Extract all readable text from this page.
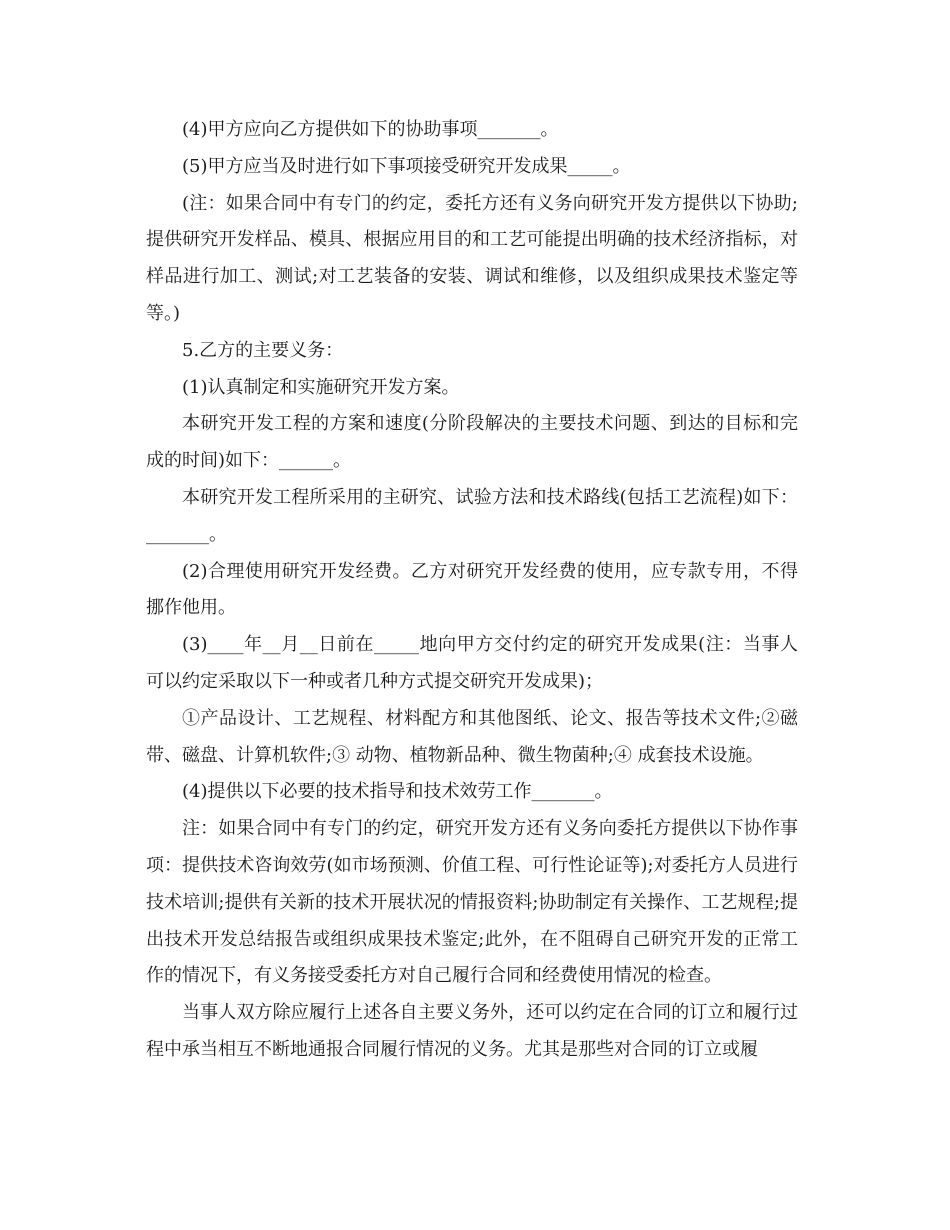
(4)甲方应向乙方提供如下的协助事项_______。

(5)甲方应当及时进行如下事项接受研究开发成果_____。

(注：如果合同中有专门的约定，委托方还有义务向研究开发方提供以下协助;提供研究开发样品、模具、根据应用目的和工艺可能提出明确的技术经济指标，对样品进行加工、测试;对工艺装备的安装、调试和维修，以及组织成果技术鉴定等等。)

5.乙方的主要义务：

(1)认真制定和实施研究开发方案。

本研究开发工程的方案和速度(分阶段解决的主要技术问题、到达的目标和完成的时间)如下：______。

本研究开发工程所采用的主研究、试验方法和技术路线(包括工艺流程)如下：_______。

(2)合理使用研究开发经费。乙方对研究开发经费的使用，应专款专用，不得挪作他用。

(3)____年__月__日前在_____地向甲方交付约定的研究开发成果(注：当事人可以约定采取以下一种或者几种方式提交研究开发成果)；

①产品设计、工艺规程、材料配方和其他图纸、论文、报告等技术文件;②磁带、磁盘、计算机软件;③ 动物、植物新品种、微生物菌种;④ 成套技术设施。

(4)提供以下必要的技术指导和技术效劳工作_______。

注：如果合同中有专门的约定，研究开发方还有义务向委托方提供以下协作事项：提供技术咨询效劳(如市场预测、价值工程、可行性论证等);对委托方人员进行技术培训;提供有关新的技术开展状况的情报资料;协助制定有关操作、工艺规程;提出技术开发总结报告或组织成果技术鉴定;此外，在不阻碍自己研究开发的正常工作的情况下，有义务接受委托方对自己履行合同和经费使用情况的检查。

当事人双方除应履行上述各自主要义务外，还可以约定在合同的订立和履行过程中承当相互不断地通报合同履行情况的义务。尤其是那些对合同的订立或履
